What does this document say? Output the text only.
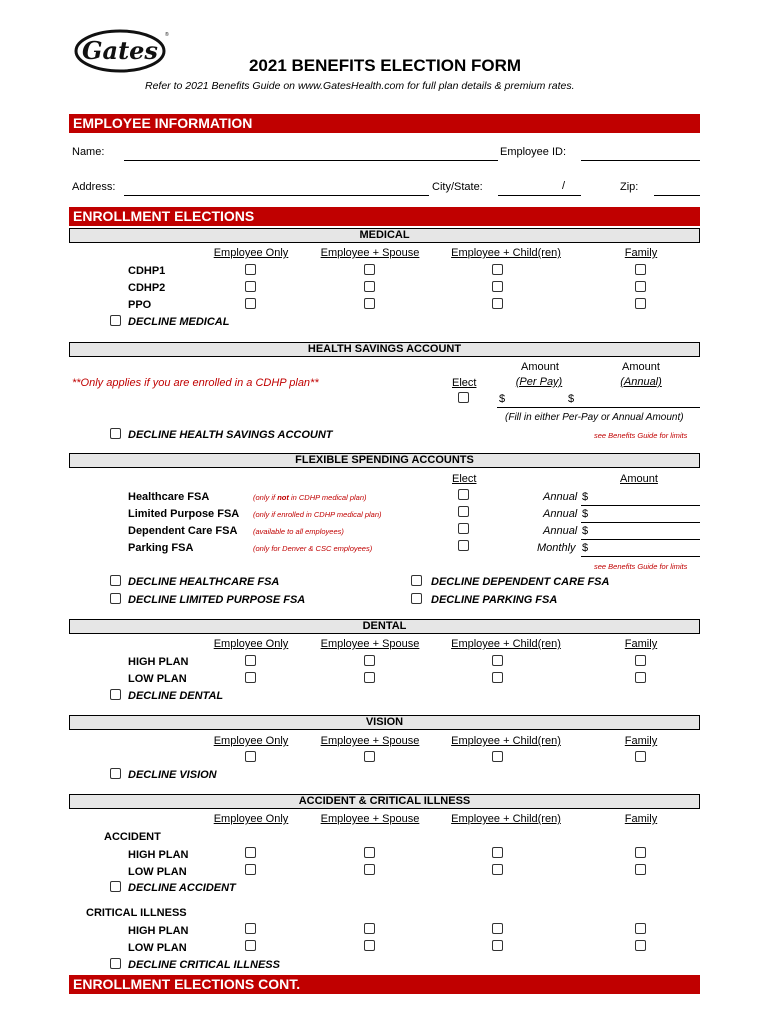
Gates
®
2021 BENEFITS ELECTION FORM
Refer to 2021 Benefits Guide on www.GatesHealth.com for full plan details & premium rates.
EMPLOYEE INFORMATION
Name:	Employee ID:
Address:	City/State:	/	Zip:
ENROLLMENT ELECTIONS
MEDICAL
Employee Only	Employee + Spouse	Employee + Child(ren)	Family
CDHP1
CDHP2
PPO
DECLINE MEDICAL
HEALTH SAVINGS ACCOUNT
**Only applies if you are enrolled in a CDHP plan**	Elect
Amount
(Per Pay)
Amount
(Annual)
$	$
(Fill in either Per-Pay or Annual Amount)
DECLINE HEALTH SAVINGS ACCOUNT	see Benefits Guide for limits
FLEXIBLE SPENDING ACCOUNTS
Elect	Amount
Healthcare FSA	(only if not in CDHP medical plan)	Annual $
Limited Purpose FSA (only if enrolled in CDHP medical plan)	Annual $
Dependent Care FSA (available to all employees)	Annual $
Parking FSA	(only for Denver & CSC employees)	Monthly $
see Benefits Guide for limits
DECLINE HEALTHCARE FSA
DECLINE LIMITED PURPOSE FSA
DECLINE DEPENDENT CARE FSA
DECLINE PARKING FSA
DENTAL
Employee Only	Employee + Spouse	Employee + Child(ren)	Family
HIGH PLAN
LOW PLAN
DECLINE DENTAL
VISION
Employee Only	Employee + Spouse	Employee + Child(ren)	Family
DECLINE VISION
ACCIDENT & CRITICAL ILLNESS
Employee Only	Employee + Spouse	Employee + Child(ren)	Family
ACCIDENT
HIGH PLAN
LOW PLAN
DECLINE ACCIDENT
CRITICAL ILLNESS
HIGH PLAN
LOW PLAN
DECLINE CRITICAL ILLNESS
ENROLLMENT ELECTIONS CONT.
